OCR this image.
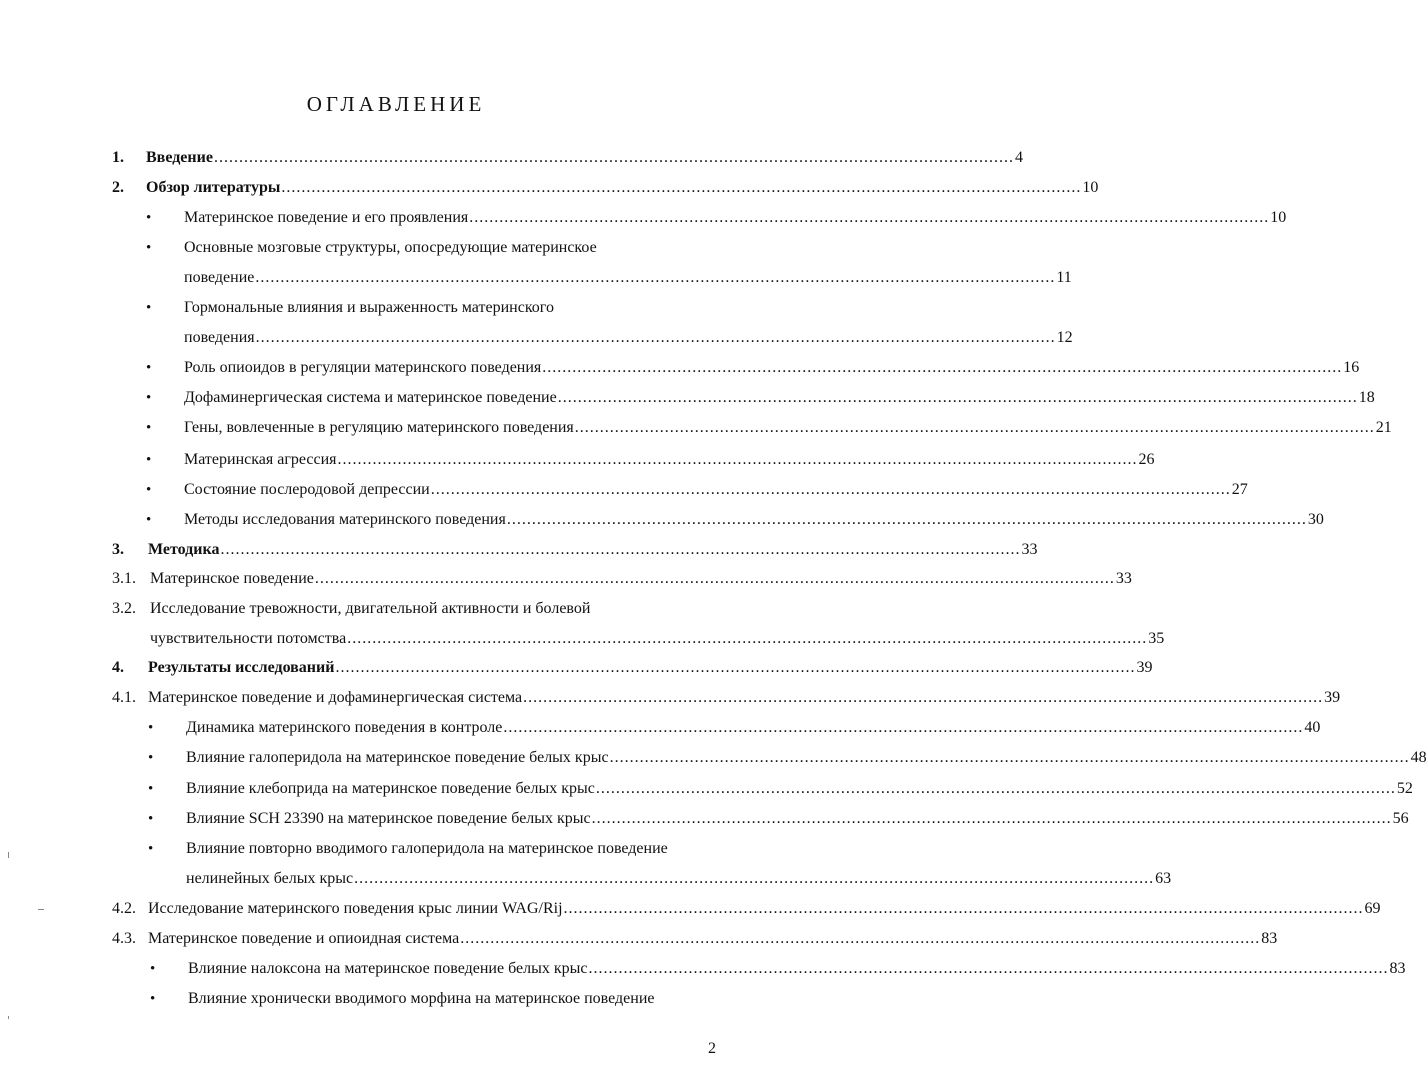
ОГЛАВЛЕНИЕ
1. Введение ................................................................................................................................................................ 4
2. Обзор литературы ................................................................................................................................................................ 10
• Материнское поведение и его проявления ................................................................................................................................................................ 10
• Основные мозговые структуры, опосредующие материнское
поведение ................................................................................................................................................................ 11
• Гормональные влияния и выраженность материнского
поведения ................................................................................................................................................................ 12
• Роль опиоидов в регуляции материнского поведения ................................................................................................................................................................ 16
• Дофаминергическая система и материнское поведение ................................................................................................................................................................ 18
• Гены, вовлеченные в регуляцию материнского поведения ................................................................................................................................................................ 21
• Материнская агрессия ................................................................................................................................................................ 26
• Состояние послеродовой депрессии ................................................................................................................................................................ 27
• Методы исследования материнского поведения ................................................................................................................................................................ 30
3. Методика ................................................................................................................................................................ 33
3.1. Материнское поведение ................................................................................................................................................................ 33
3.2. Исследование тревожности, двигательной активности и болевой
чувствительности потомства ................................................................................................................................................................ 35
4. Результаты исследований ................................................................................................................................................................ 39
4.1. Материнское поведение и дофаминергическая система ................................................................................................................................................................ 39
• Динамика материнского поведения в контроле ................................................................................................................................................................ 40
• Влияние галоперидола на материнское поведение белых крыс ................................................................................................................................................................ 48
• Влияние клебоприда на материнское поведение белых крыс ................................................................................................................................................................ 52
• Влияние SCH 23390 на материнское поведение белых крыс ................................................................................................................................................................ 56
• Влияние повторно вводимого галоперидола на материнское поведение
нелинейных белых крыс ................................................................................................................................................................ 63
4.2. Исследование материнского поведения крыс линии WAG/Rij ................................................................................................................................................................ 69
4.3. Материнское поведение и опиоидная система ................................................................................................................................................................ 83
• Влияние налоксона на материнское поведение белых крыс ................................................................................................................................................................ 83
• Влияние хронически вводимого морфина на материнское поведение
2
